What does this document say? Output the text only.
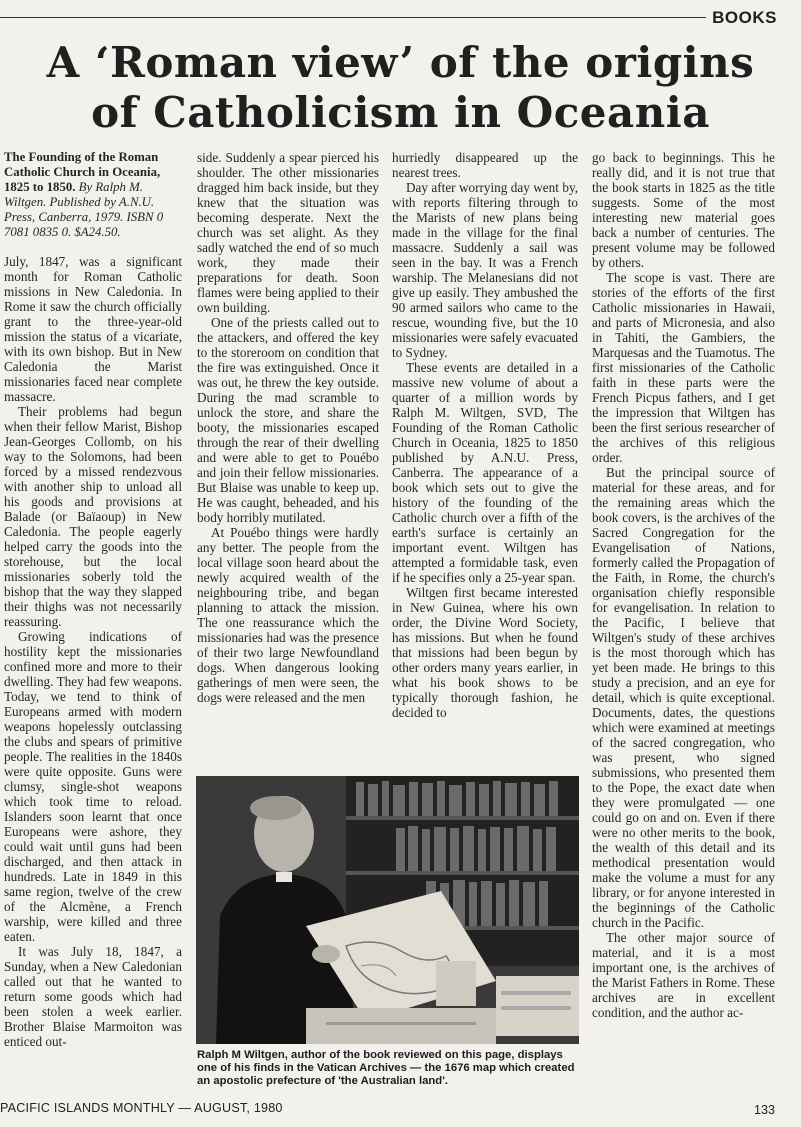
BOOKS
A ‘Roman view’ of the origins
of Catholicism in Oceania

The Founding of the Roman Catholic Church in Oceania, 1825 to 1850. By Ralph M. Wiltgen. Published by A.N.U. Press, Canberra, 1979. ISBN 0 7081 0835 0. $A24.50.

July, 1847, was a significant month for Roman Catholic missions in New Caledonia. In Rome it saw the church officially grant to the three-year-old mission the status of a vicariate, with its own bishop. But in New Caledonia the Marist missionaries faced near complete massacre.

Their problems had begun when their fellow Marist, Bishop Jean-Georges Collomb, on his way to the Solomons, had been forced by a missed rendezvous with another ship to unload all his goods and provisions at Balade (or Baïaoup) in New Caledonia. The people eagerly helped carry the goods into the storehouse, but the local missionaries soberly told the bishop that the way they slapped their thighs was not necessarily reassuring.

Growing indications of hostility kept the missionaries confined more and more to their dwelling. They had few weapons. Today, we tend to think of Europeans armed with modern weapons hopelessly outclassing the clubs and spears of primitive people. The realities in the 1840s were quite opposite. Guns were clumsy, single-shot weapons which took time to reload. Islanders soon learnt that once Europeans were ashore, they could wait until guns had been discharged, and then attack in hundreds. Late in 1849 in this same region, twelve of the crew of the Alcmène, a French warship, were killed and three eaten.

It was July 18, 1847, a Sunday, when a New Caledonian called out that he wanted to return some goods which had been stolen a week earlier. Brother Blaise Marmoiton was enticed out-

side. Suddenly a spear pierced his shoulder. The other missionaries dragged him back inside, but they knew that the situation was becoming desperate. Next the church was set alight. As they sadly watched the end of so much work, they made their preparations for death. Soon flames were being applied to their own building.

One of the priests called out to the attackers, and offered the key to the storeroom on condition that the fire was extinguished. Once it was out, he threw the key outside. During the mad scramble to unlock the store, and share the booty, the missionaries escaped through the rear of their dwelling and were able to get to Pouébo and join their fellow missionaries. But Blaise was unable to keep up. He was caught, beheaded, and his body horribly mutilated.

At Pouébo things were hardly any better. The people from the local village soon heard about the newly acquired wealth of the neighbouring tribe, and began planning to attack the mission. The one reassurance which the missionaries had was the presence of their two large Newfoundland dogs. When dangerous looking gatherings of men were seen, the dogs were released and the men

hurriedly disappeared up the nearest trees.

Day after worrying day went by, with reports filtering through to the Marists of new plans being made in the village for the final massacre. Suddenly a sail was seen in the bay. It was a French warship. The Melanesians did not give up easily. They ambushed the 90 armed sailors who came to the rescue, wounding five, but the 10 missionaries were safely evacuated to Sydney.

These events are detailed in a massive new volume of about a quarter of a million words by Ralph M. Wiltgen, SVD, The Founding of the Roman Catholic Church in Oceania, 1825 to 1850 published by A.N.U. Press, Canberra. The appearance of a book which sets out to give the history of the founding of the Catholic church over a fifth of the earth's surface is certainly an important event. Wiltgen has attempted a formidable task, even if he specifies only a 25-year span.

Wiltgen first became interested in New Guinea, where his own order, the Divine Word Society, has missions. But when he found that missions had been begun by other orders many years earlier, in what his book shows to be typically thorough fashion, he decided to

go back to beginnings. This he really did, and it is not true that the book starts in 1825 as the title suggests. Some of the most interesting new material goes back a number of centuries. The present volume may be followed by others.

The scope is vast. There are stories of the efforts of the first Catholic missionaries in Hawaii, and parts of Micronesia, and also in Tahiti, the Gambiers, the Marquesas and the Tuamotus. The first missionaries of the Catholic faith in these parts were the French Picpus fathers, and I get the impression that Wiltgen has been the first serious researcher of the archives of this religious order.

But the principal source of material for these areas, and for the remaining areas which the book covers, is the archives of the Sacred Congregation for the Evangelisation of Nations, formerly called the Propagation of the Faith, in Rome, the church's organisation chiefly responsible for evangelisation. In relation to the Pacific, I believe that Wiltgen's study of these archives is the most thorough which has yet been made. He brings to this study a precision, and an eye for detail, which is quite exceptional. Documents, dates, the questions which were examined at meetings of the sacred congregation, who was present, who signed submissions, who presented them to the Pope, the exact date when they were promulgated — one could go on and on. Even if there were no other merits to the book, the wealth of this detail and its methodical presentation would make the volume a must for any library, or for anyone interested in the beginnings of the Catholic church in the Pacific.

The other major source of material, and it is a most important one, is the archives of the Marist Fathers in Rome. These archives are in excellent condition, and the author ac-

Ralph M Wiltgen, author of the book reviewed on this page, displays one of his finds in the Vatican Archives — the 1676 map which created an apostolic prefecture of 'the Australian land'.
PACIFIC ISLANDS MONTHLY — AUGUST, 1980	133
